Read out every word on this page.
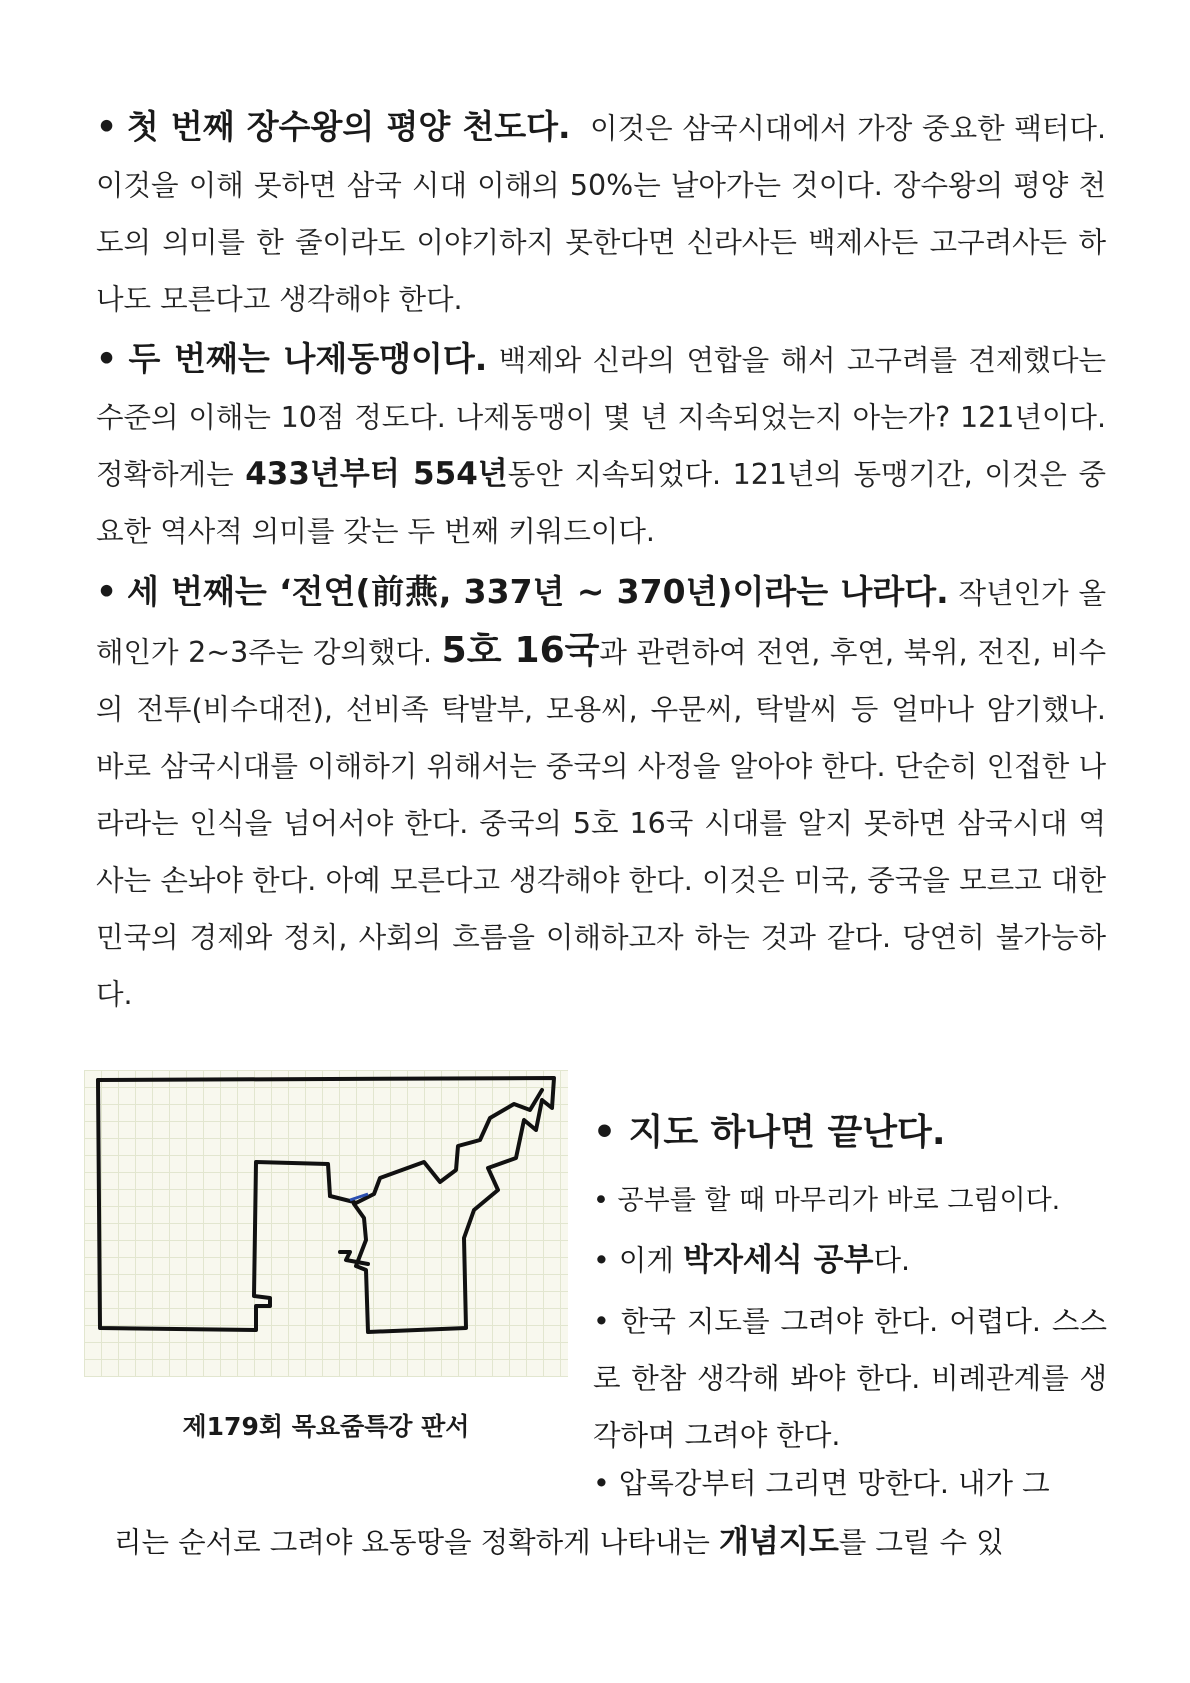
• 첫 번째 장수왕의 평양 천도다. 이것은 삼국시대에서 가장 중요한 팩터다. 이것을 이해 못하면 삼국 시대 이해의 50%는 날아가는 것이다. 장수왕의 평양 천도의 의미를 한 줄이라도 이야기하지 못한다면 신라사든 백제사든 고구려사든 하나도 모른다고 생각해야 한다.
• 두 번째는 나제동맹이다. 백제와 신라의 연합을 해서 고구려를 견제했다는 수준의 이해는 10점 정도다. 나제동맹이 몇 년 지속되었는지 아는가? 121년이다. 정확하게는 433년부터 554년동안 지속되었다. 121년의 동맹기간, 이것은 중요한 역사적 의미를 갖는 두 번째 키워드이다.
• 세 번째는 ‘전연(前燕, 337년 ~ 370년)이라는 나라다. 작년인가 올해인가 2~3주는 강의했다. 5호 16국과 관련하여 전연, 후연, 북위, 전진, 비수의 전투(비수대전), 선비족 탁발부, 모용씨, 우문씨, 탁발씨 등 얼마나 암기했나. 바로 삼국시대를 이해하기 위해서는 중국의 사정을 알아야 한다. 단순히 인접한 나라라는 인식을 넘어서야 한다. 중국의 5호 16국 시대를 알지 못하면 삼국시대 역사는 손놔야 한다. 아예 모른다고 생각해야 한다. 이것은 미국, 중국을 모르고 대한민국의 경제와 정치, 사회의 흐름을 이해하고자 하는 것과 같다. 당연히 불가능하다.
제179회 목요줌특강 판서
• 지도 하나면 끝난다.
• 공부를 할 때 마무리가 바로 그림이다.
• 이게 박자세식 공부다.
• 한국 지도를 그려야 한다. 어렵다. 스스로 한참 생각해 봐야 한다. 비례관계를 생각하며 그려야 한다.
• 압록강부터 그리면 망한다. 내가 그
리는 순서로 그려야 요동땅을 정확하게 나타내는 개념지도를 그릴 수 있
